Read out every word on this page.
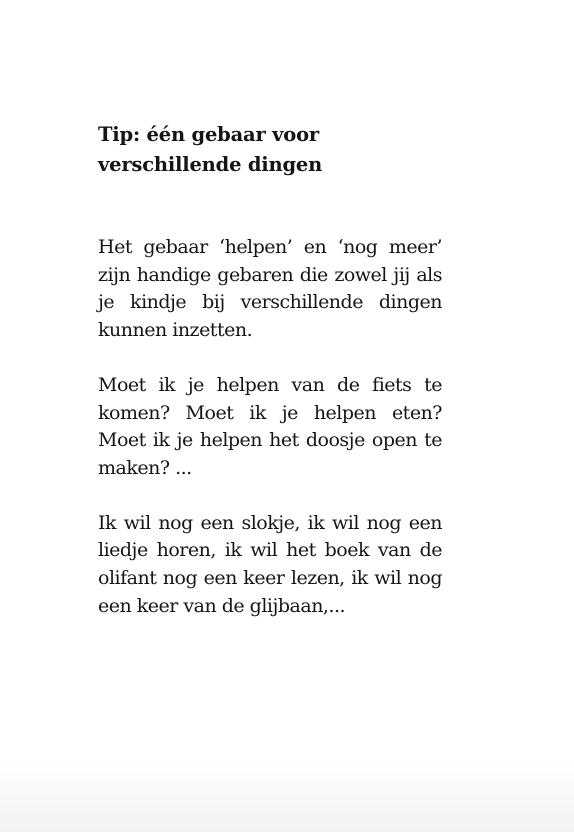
Tip: één gebaar voor
verschillende dingen

Het gebaar ‘helpen’ en ‘nog meer’ zijn handige gebaren die zowel jij als je kindje bij verschillende dingen kunnen inzetten.

Moet ik je helpen van de fiets te komen? Moet ik je helpen eten? Moet ik je helpen het doosje open te maken? ...

Ik wil nog een slokje, ik wil nog een liedje horen, ik wil het boek van de olifant nog een keer lezen, ik wil nog een keer van de glijbaan,...
